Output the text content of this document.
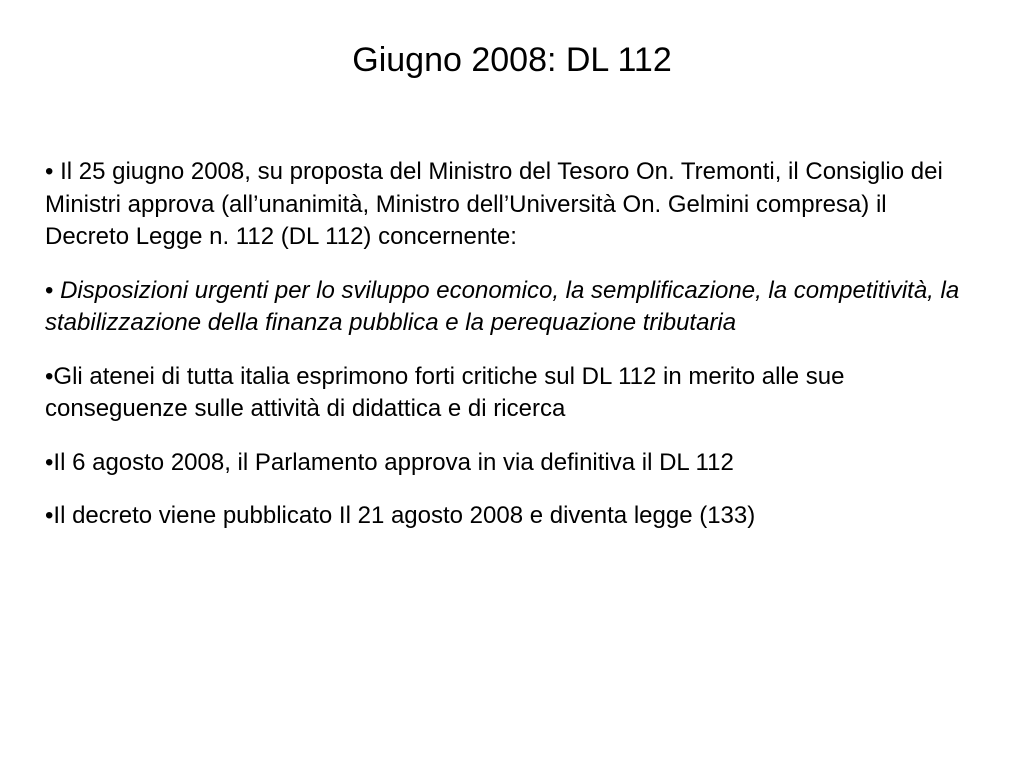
Giugno 2008: DL 112

• Il 25 giugno 2008, su proposta del Ministro del Tesoro On. Tremonti, il Consiglio dei Ministri approva (all’unanimità, Ministro dell’Università On. Gelmini compresa) il Decreto Legge n. 112 (DL 112) concernente:

• Disposizioni urgenti per lo sviluppo economico, la semplificazione, la competitività, la stabilizzazione della finanza pubblica e la perequazione tributaria

•Gli atenei di tutta italia esprimono forti critiche sul DL 112 in merito alle sue conseguenze sulle attività di didattica e di ricerca

•Il 6 agosto 2008, il Parlamento approva in via definitiva il DL 112

•Il decreto viene pubblicato Il 21 agosto 2008 e diventa legge (133)
